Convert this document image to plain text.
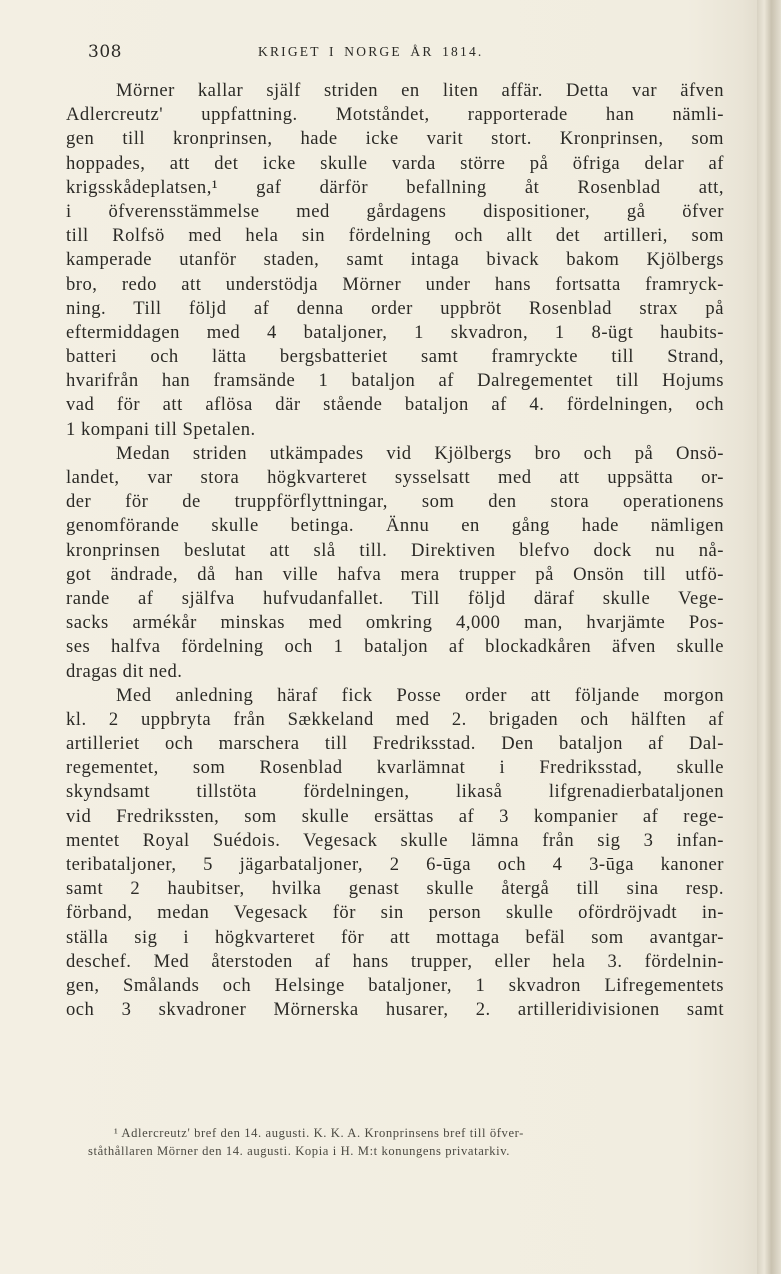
308	KRIGET I NORGE ÅR 1814.
Mörner kallar själf striden en liten affär. Detta var äfven
Adlercreutz' uppfattning. Motståndet, rapporterade han nämli-
gen till kronprinsen, hade icke varit stort. Kronprinsen, som
hoppades, att det icke skulle varda större på öfriga delar af
krigsskådeplatsen,¹ gaf därför befallning åt Rosenblad att,
i öfverensstämmelse med gårdagens dispositioner, gå öfver
till Rolfsö med hela sin fördelning och allt det artilleri, som
kamperade utanför staden, samt intaga bivack bakom Kjölbergs
bro, redo att understödja Mörner under hans fortsatta framryck-
ning. Till följd af denna order uppbröt Rosenblad strax på
eftermiddagen med 4 bataljoner, 1 skvadron, 1 8-ügt haubits-
batteri och lätta bergsbatteriet samt framryckte till Strand,
hvarifrån han framsände 1 bataljon af Dalregementet till Hojums
vad för att aflösa där stående bataljon af 4. fördelningen, och
1 kompani till Spetalen.
Medan striden utkämpades vid Kjölbergs bro och på Onsö-
landet, var stora högkvarteret sysselsatt med att uppsätta or-
der för de truppförflyttningar, som den stora operationens
genomförande skulle betinga. Ännu en gång hade nämligen
kronprinsen beslutat att slå till. Direktiven blefvo dock nu nå-
got ändrade, då han ville hafva mera trupper på Onsön till utfö-
rande af själfva hufvudanfallet. Till följd däraf skulle Vege-
sacks armékår minskas med omkring 4,000 man, hvarjämte Pos-
ses halfva fördelning och 1 bataljon af blockadkåren äfven skulle
dragas dit ned.
Med anledning häraf fick Posse order att följande morgon
kl. 2 uppbryta från Sækkeland med 2. brigaden och hälften af
artilleriet och marschera till Fredriksstad. Den bataljon af Dal-
regementet, som Rosenblad kvarlämnat i Fredriksstad, skulle
skyndsamt tillstöta fördelningen, likaså lifgrenadierbataljonen
vid Fredrikssten, som skulle ersättas af 3 kompanier af rege-
mentet Royal Suédois. Vegesack skulle lämna från sig 3 infan-
teribataljoner, 5 jägarbataljoner, 2 6-ūga och 4 3-ūga kanoner
samt 2 haubitser, hvilka genast skulle återgå till sina resp.
förband, medan Vegesack för sin person skulle ofördröjvadt in-
ställa sig i högkvarteret för att mottaga befäl som avantgar-
deschef. Med återstoden af hans trupper, eller hela 3. fördelnin-
gen, Smålands och Helsinge bataljoner, 1 skvadron Lifregementets
och 3 skvadroner Mörnerska husarer, 2. artilleridivisionen samt
¹ Adlercreutz' bref den 14. augusti. K. K. A. Kronprinsens bref till öfver-
ståthållaren Mörner den 14. augusti. Kopia i H. M:t konungens privatarkiv.
